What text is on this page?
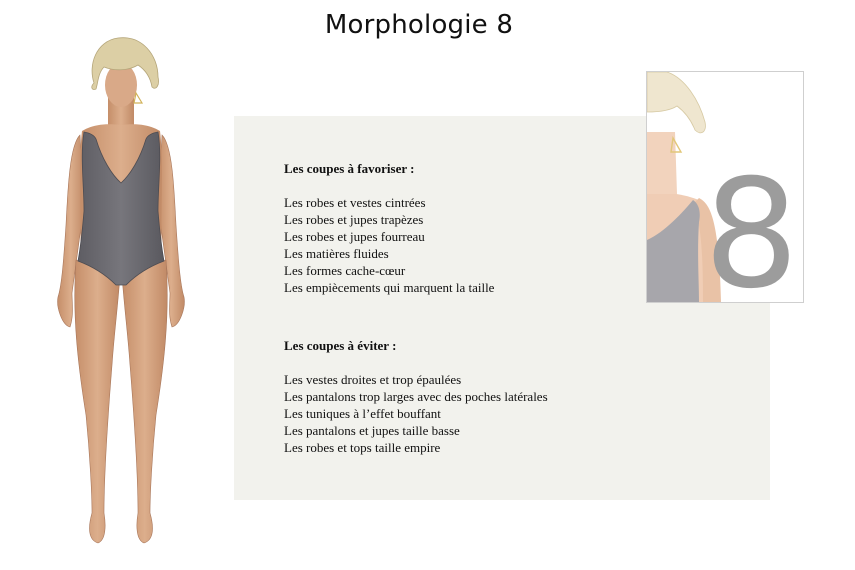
Morphologie 8
Les coupes à favoriser :
Les robes et vestes cintrées
Les robes et jupes trapèzes
Les robes et jupes fourreau
Les matières fluides
Les formes cache-cœur
Les empiècements qui marquent la taille
Les coupes à éviter :
Les vestes droites et trop épaulées
Les pantalons trop larges avec des poches latérales
Les tuniques à l’effet bouffant
Les pantalons et jupes taille basse
Les robes et tops taille empire
8
